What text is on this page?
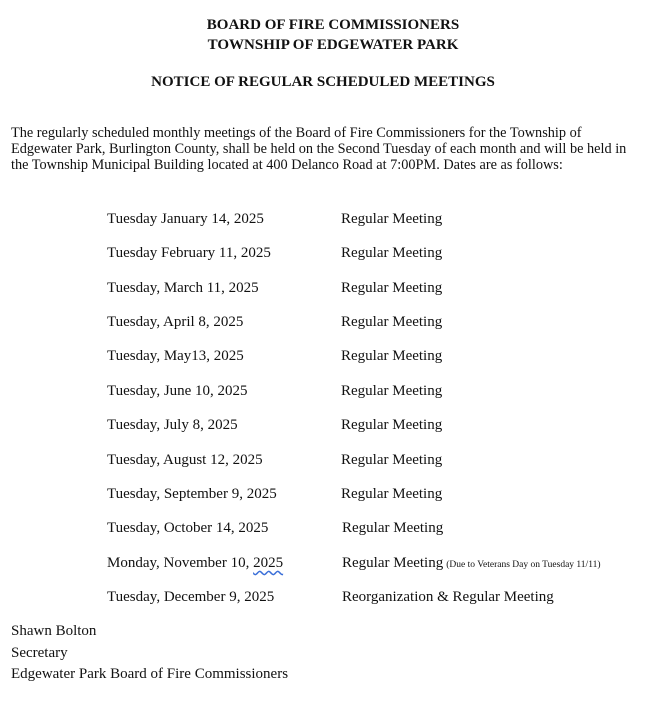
BOARD OF FIRE COMMISSIONERS
TOWNSHIP OF EDGEWATER PARK
NOTICE OF REGULAR SCHEDULED MEETINGS

The regularly scheduled monthly meetings of the Board of Fire Commissioners for the Township of Edgewater Park, Burlington County, shall be held on the Second Tuesday of each month and will be held in the Township Municipal Building located at 400 Delanco Road at 7:00PM. Dates are as follows:

Tuesday January 14, 2025	Regular Meeting
Tuesday February 11, 2025	Regular Meeting
Tuesday, March 11, 2025	Regular Meeting
Tuesday, April 8, 2025	Regular Meeting
Tuesday, May13, 2025	Regular Meeting
Tuesday, June 10, 2025	Regular Meeting
Tuesday, July 8, 2025	Regular Meeting
Tuesday, August 12, 2025	Regular Meeting
Tuesday, September 9, 2025	Regular Meeting
Tuesday, October 14, 2025	Regular Meeting
Monday, November 10, 2025	Regular Meeting (Due to Veterans Day on Tuesday 11/11)
Tuesday, December 9, 2025	Reorganization & Regular Meeting
Shawn Bolton
Secretary
Edgewater Park Board of Fire Commissioners
